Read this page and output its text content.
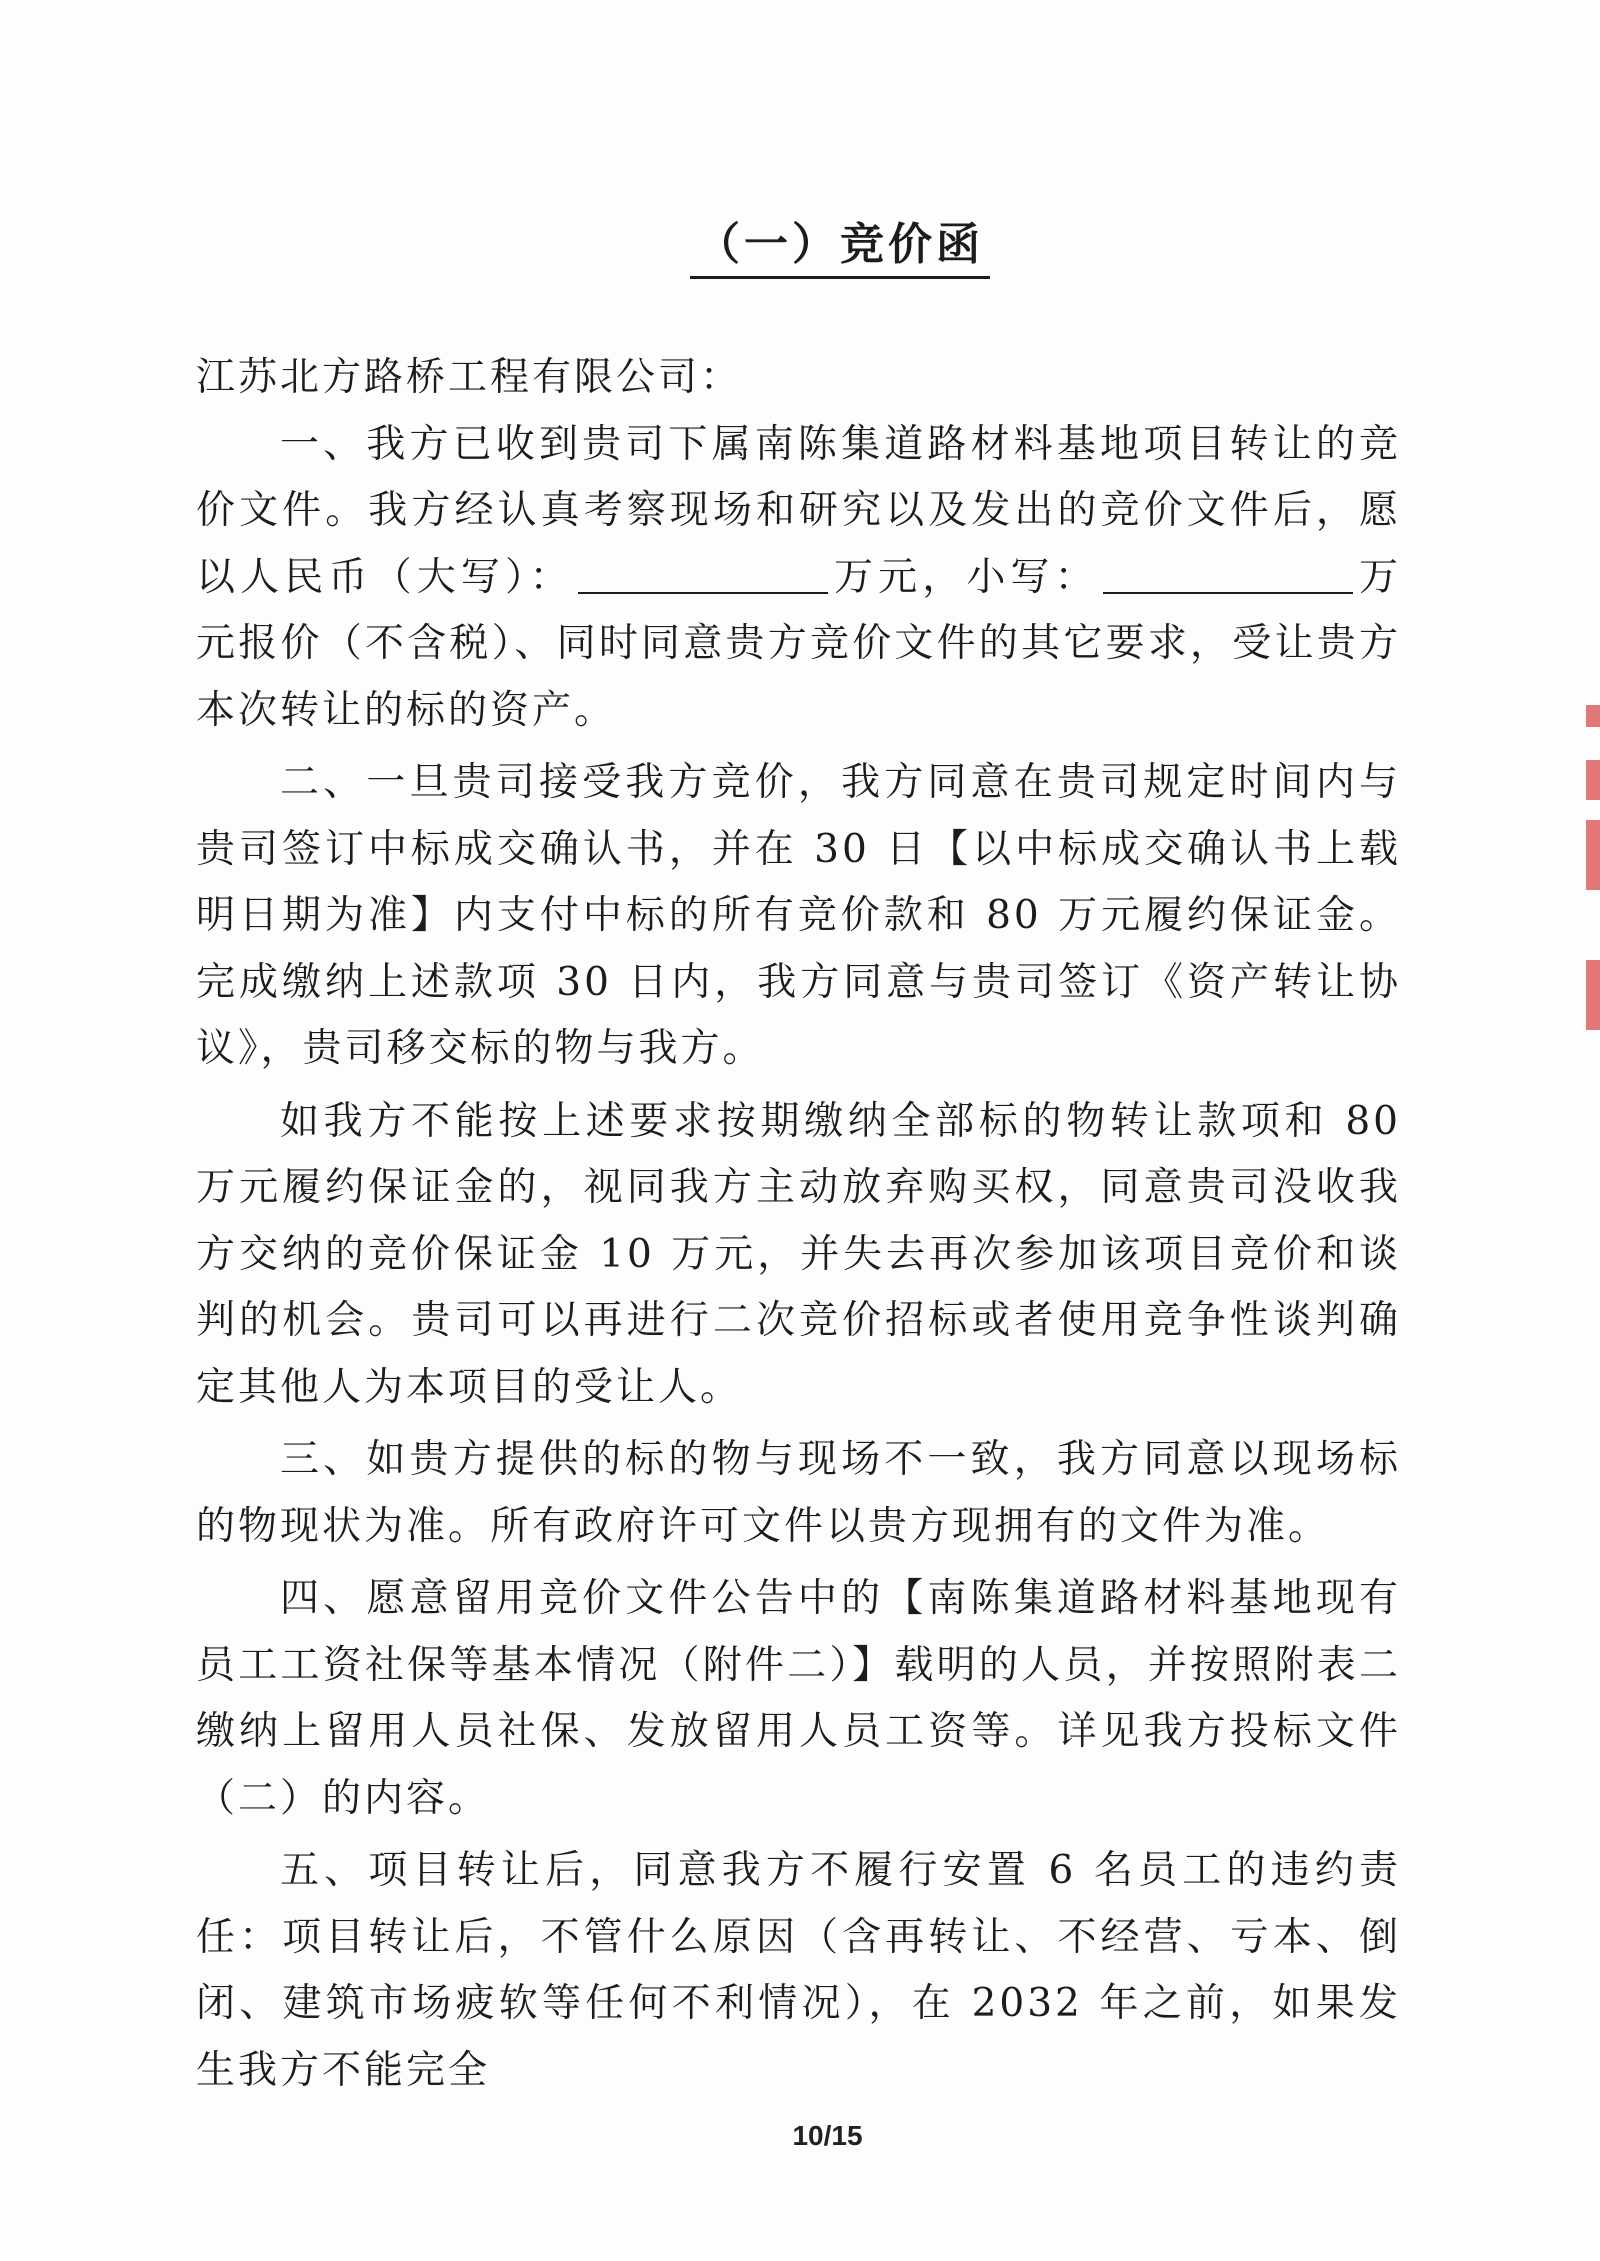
（一）竞价函

江苏北方路桥工程有限公司：

一、我方已收到贵司下属南陈集道路材料基地项目转让的竞价文件。我方经认真考察现场和研究以及发出的竞价文件后，愿以人民币（大写）：	万元，小写：	万元报价（不含税）、同时同意贵方竞价文件的其它要求，受让贵方本次转让的标的资产。

二、一旦贵司接受我方竞价，我方同意在贵司规定时间内与贵司签订中标成交确认书，并在 30 日【以中标成交确认书上载明日期为准】内支付中标的所有竞价款和 80 万元履约保证金。完成缴纳上述款项 30 日内，我方同意与贵司签订《资产转让协议》，贵司移交标的物与我方。

如我方不能按上述要求按期缴纳全部标的物转让款项和 80 万元履约保证金的，视同我方主动放弃购买权，同意贵司没收我方交纳的竞价保证金 10 万元，并失去再次参加该项目竞价和谈判的机会。贵司可以再进行二次竞价招标或者使用竞争性谈判确定其他人为本项目的受让人。

三、如贵方提供的标的物与现场不一致，我方同意以现场标的物现状为准。所有政府许可文件以贵方现拥有的文件为准。

四、愿意留用竞价文件公告中的【南陈集道路材料基地现有员工工资社保等基本情况（附件二）】载明的人员，并按照附表二缴纳上留用人员社保、发放留用人员工资等。详见我方投标文件（二）的内容。

五、项目转让后，同意我方不履行安置 6 名员工的违约责任：项目转让后，不管什么原因（含再转让、不经营、亏本、倒闭、建筑市场疲软等任何不利情况），在 2032 年之前，如果发生我方不能完全

10/15
